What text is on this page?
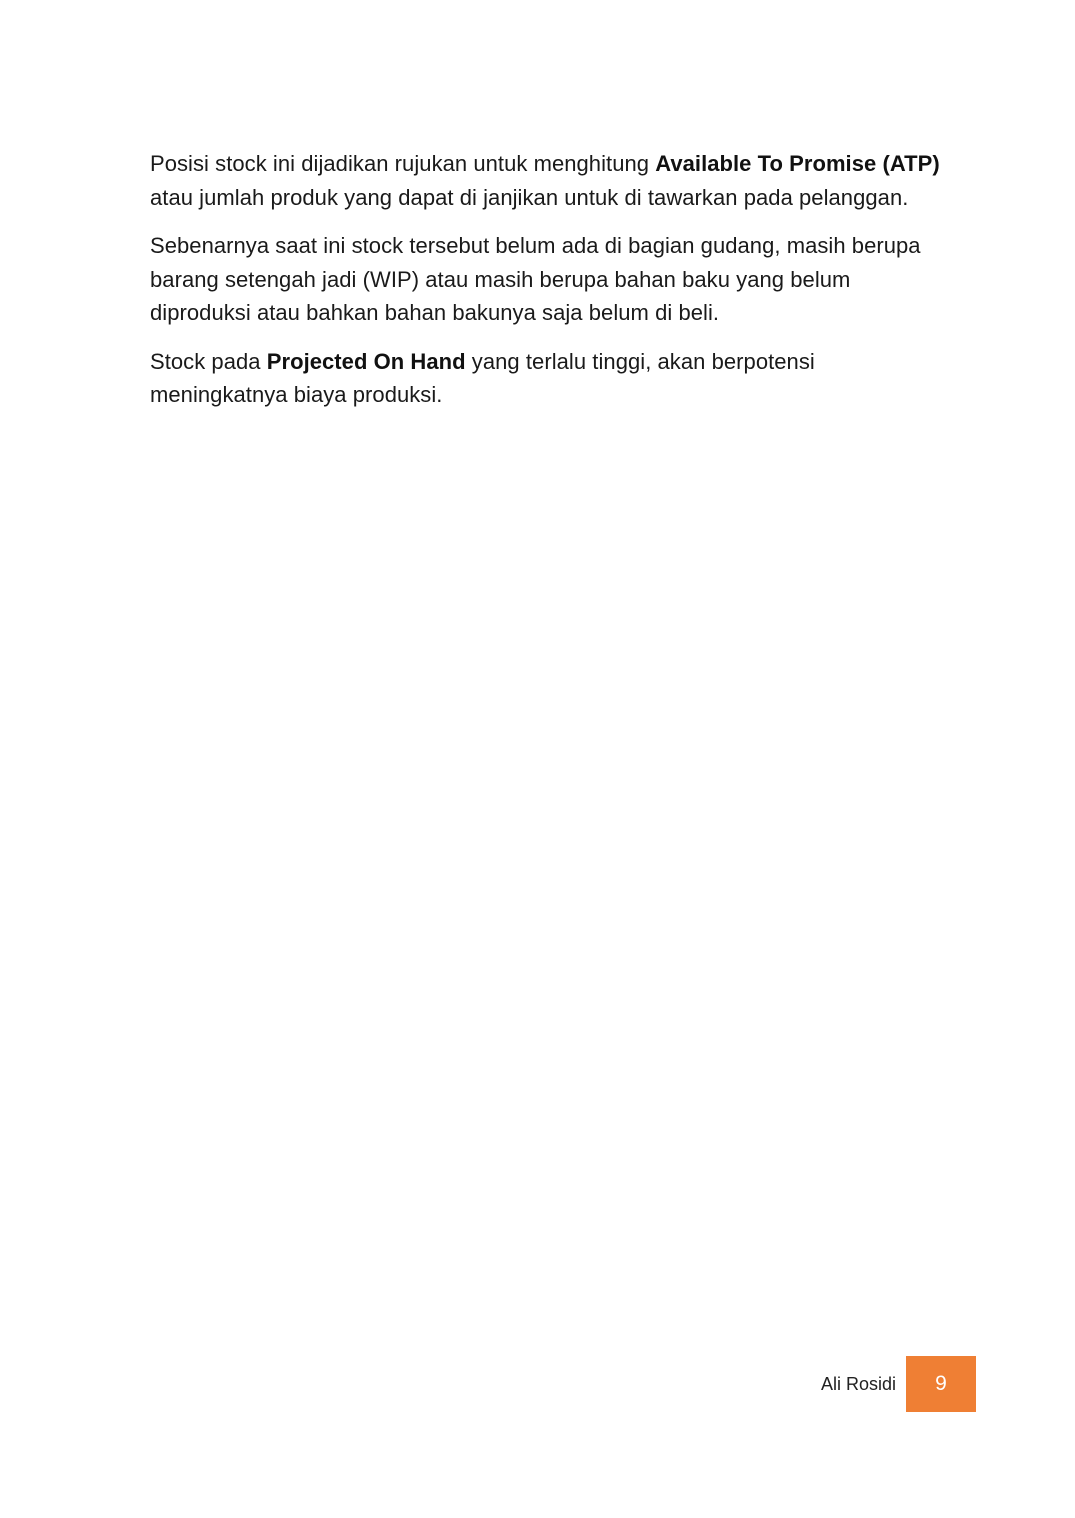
Posisi stock ini dijadikan rujukan untuk menghitung Available To Promise (ATP) atau jumlah produk yang dapat di janjikan untuk di tawarkan pada pelanggan.

Sebenarnya saat ini stock tersebut belum ada di bagian gudang, masih berupa barang setengah jadi (WIP) atau masih berupa bahan baku yang belum diproduksi atau bahkan bahan bakunya saja belum di beli.

Stock pada Projected On Hand yang terlalu tinggi, akan berpotensi meningkatnya biaya produksi.

Ali Rosidi	9
